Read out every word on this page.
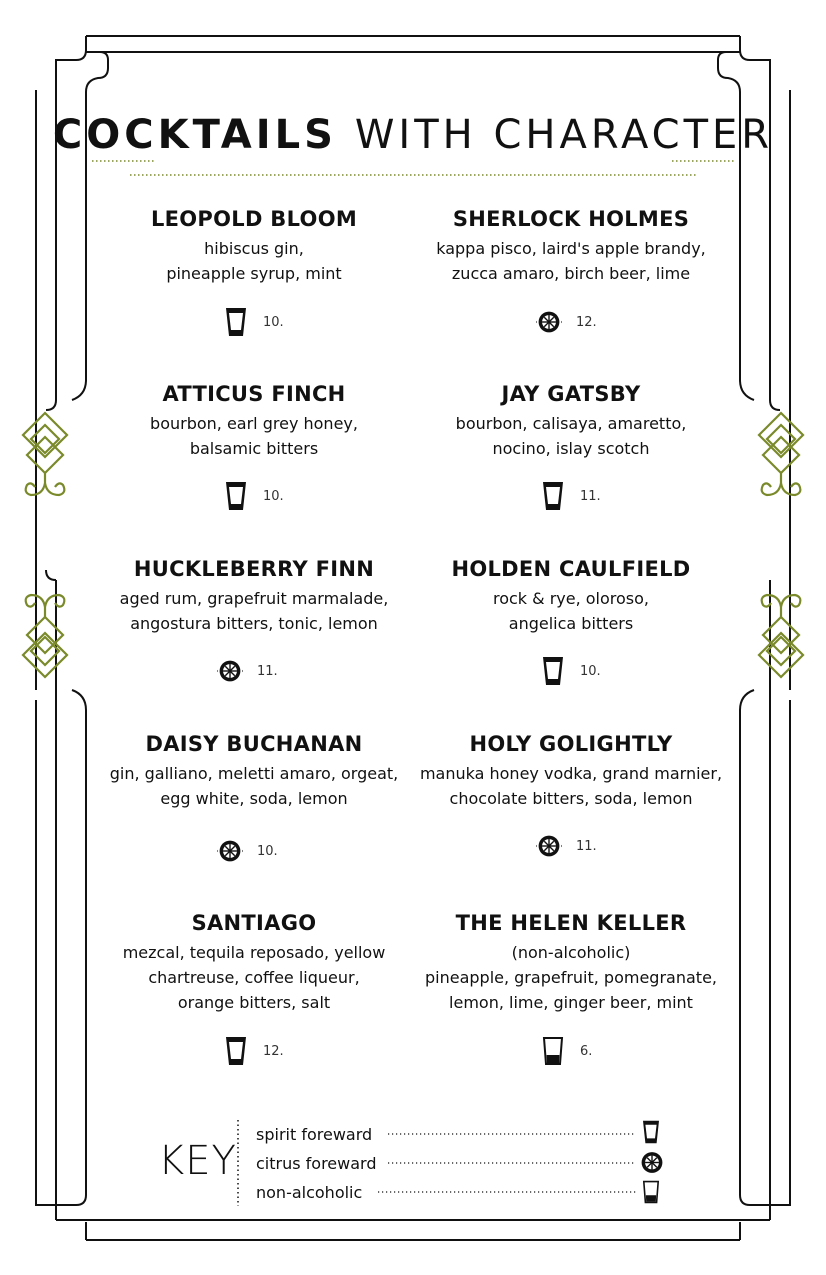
COCKTAILS WITH CHARACTER
LEOPOLD BLOOM
hibiscus gin,
pineapple syrup, mint
10.
SHERLOCK HOLMES
kappa pisco, laird's apple brandy,
zucca amaro, birch beer, lime
12.
ATTICUS FINCH
bourbon, earl grey honey,
balsamic bitters
10.
JAY GATSBY
bourbon, calisaya, amaretto,
nocino, islay scotch
11.
HUCKLEBERRY FINN
aged rum, grapefruit marmalade,
angostura bitters, tonic, lemon
11.
HOLDEN CAULFIELD
rock & rye, oloroso,
angelica bitters
10.
DAISY BUCHANAN
gin, galliano, meletti amaro, orgeat,
egg white, soda, lemon
10.
HOLY GOLIGHTLY
manuka honey vodka, grand marnier,
chocolate bitters, soda, lemon
11.
SANTIAGO
mezcal, tequila reposado, yellow
chartreuse, coffee liqueur,
orange bitters, salt
12.
THE HELEN KELLER
(non-alcoholic)
pineapple, grapefruit, pomegranate,
lemon, lime, ginger beer, mint
6.
KEY
spirit foreward
citrus foreward
non-alcoholic
